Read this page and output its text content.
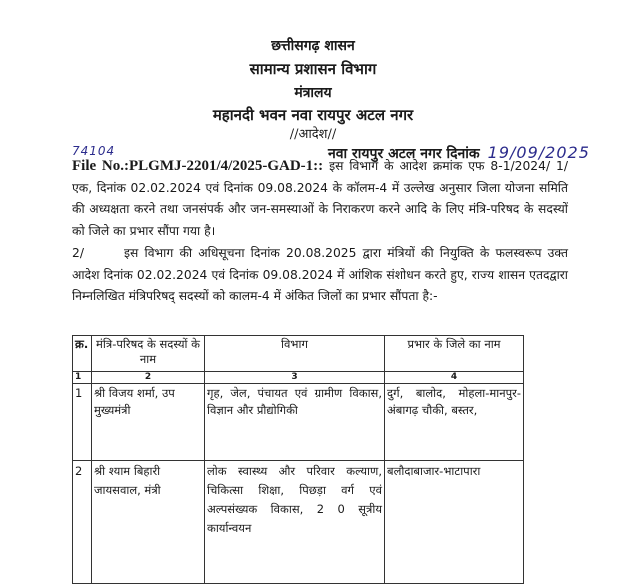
छत्तीसगढ़ शासन
सामान्य प्रशासन विभाग
मंत्रालय
महानदी भवन नवा रायपुर अटल नगर
//आदेश//
नवा रायपुर अटल नगर दिनांक 19/09/2025
74104
File No.:PLGMJ-2201/4/2025-GAD-1:: इस विभाग के आदेश क्रमांक एफ 8-1/2024/ 1/एक, दिनांक 02.02.2024 एवं दिनांक 09.08.2024 के कॉलम-4 में उल्लेख अनुसार जिला योजना समिति की अध्यक्षता करने तथा जनसंपर्क और जन-समस्याओं के निराकरण करने आदि के लिए मंत्रि-परिषद के सदस्यों को जिले का प्रभार सौंपा गया है।
2/	इस विभाग की अधिसूचना दिनांक 20.08.2025 द्वारा मंत्रियों की नियुक्ति के फलस्वरूप उक्त आदेश दिनांक 02.02.2024 एवं दिनांक 09.08.2024 में आंशिक संशोधन करते हुए, राज्य शासन एतदद्वारा निम्नलिखित मंत्रिपरिषद् सदस्यों को कालम-4 में अंकित जिलों का प्रभार सौंपता है:-
क्र.	मंत्रि-परिषद के सदस्यों के नाम	विभाग	प्रभार के जिले का नाम
1	2	3	4
1	श्री विजय शर्मा, उप मुख्यमंत्री	गृह, जेल, पंचायत एवं ग्रामीण विकास, विज्ञान और प्रौद्योगिकी	दुर्ग, बालोद, मोहला-मानपुर-अंबागढ़ चौकी, बस्तर,
2	श्री श्याम बिहारी जायसवाल, मंत्री	लोक स्वास्थ्य और परिवार कल्याण, चिकित्सा शिक्षा, पिछड़ा वर्ग एवं अल्पसंख्यक विकास, 2 0 सूत्रीय कार्यान्वयन	बलौदाबाजार-भाटापारा
